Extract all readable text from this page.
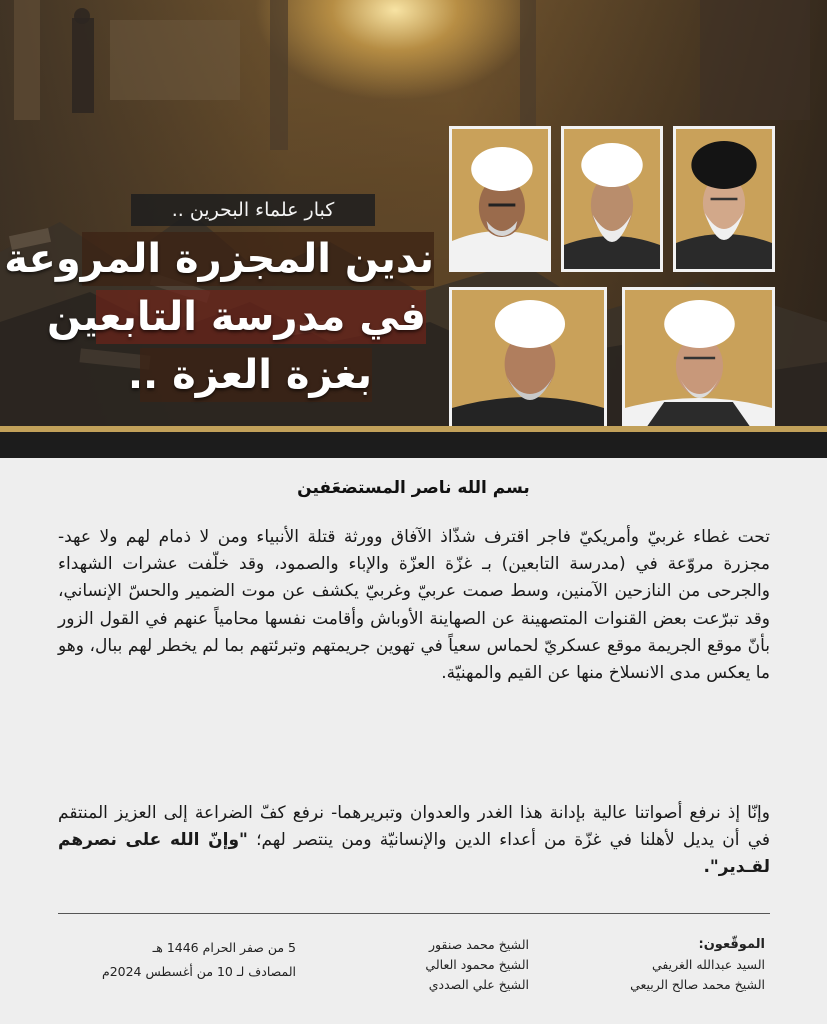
كبار علماء البحرين ..
ندين المجزرة المروعة
في مدرسة التابعين
بغزة العزة ..
بسم الله ناصر المستضعَفين

تحت غطاء غربيّ وأمريكيّ فاجر اقترف شذّاذ الآفاق وورثة قتلة الأنبياء ومن لا ذمام لهم ولا عهد- مجزرة مروّعة في (مدرسة التابعين) بـ غزّة العزّة والإباء والصمود، وقد خلّفت عشرات الشهداء والجرحى من النازحين الآمنين، وسط صمت عربيّ وغربيّ يكشف عن موت الضمير والحسّ الإنساني، وقد تبرّعت بعض القنوات المتصهينة عن الصهاينة الأوباش وأقامت نفسها محامياً عنهم في القول الزور بأنّ موقع الجريمة موقع عسكريّ لحماس سعياً في تهوين جريمتهم وتبرئتهم بما لم يخطر لهم ببال، وهو ما يعكس مدى الانسلاخ منها عن القيم والمهنيّة.

وإنّا إذ نرفع أصواتنا عالية بإدانة هذا الغدر والعدوان وتبريرهما- نرفع كفّ الضراعة إلى العزيز المنتقم في أن يديل لأهلنا في غزّة من أعداء الدين والإنسانيّة ومن ينتصر لهم؛ "وإنّ الله على نصرهم لقـدير".

الموقّعون:
السيد عبدالله الغريفي
الشيخ محمد صالح الربيعي
الشيخ محمد صنقور
الشيخ محمود العالي
الشيخ علي الصددي
5 من صفر الحرام 1446 هـ
المصادف لـ 10 من أغسطس 2024م
